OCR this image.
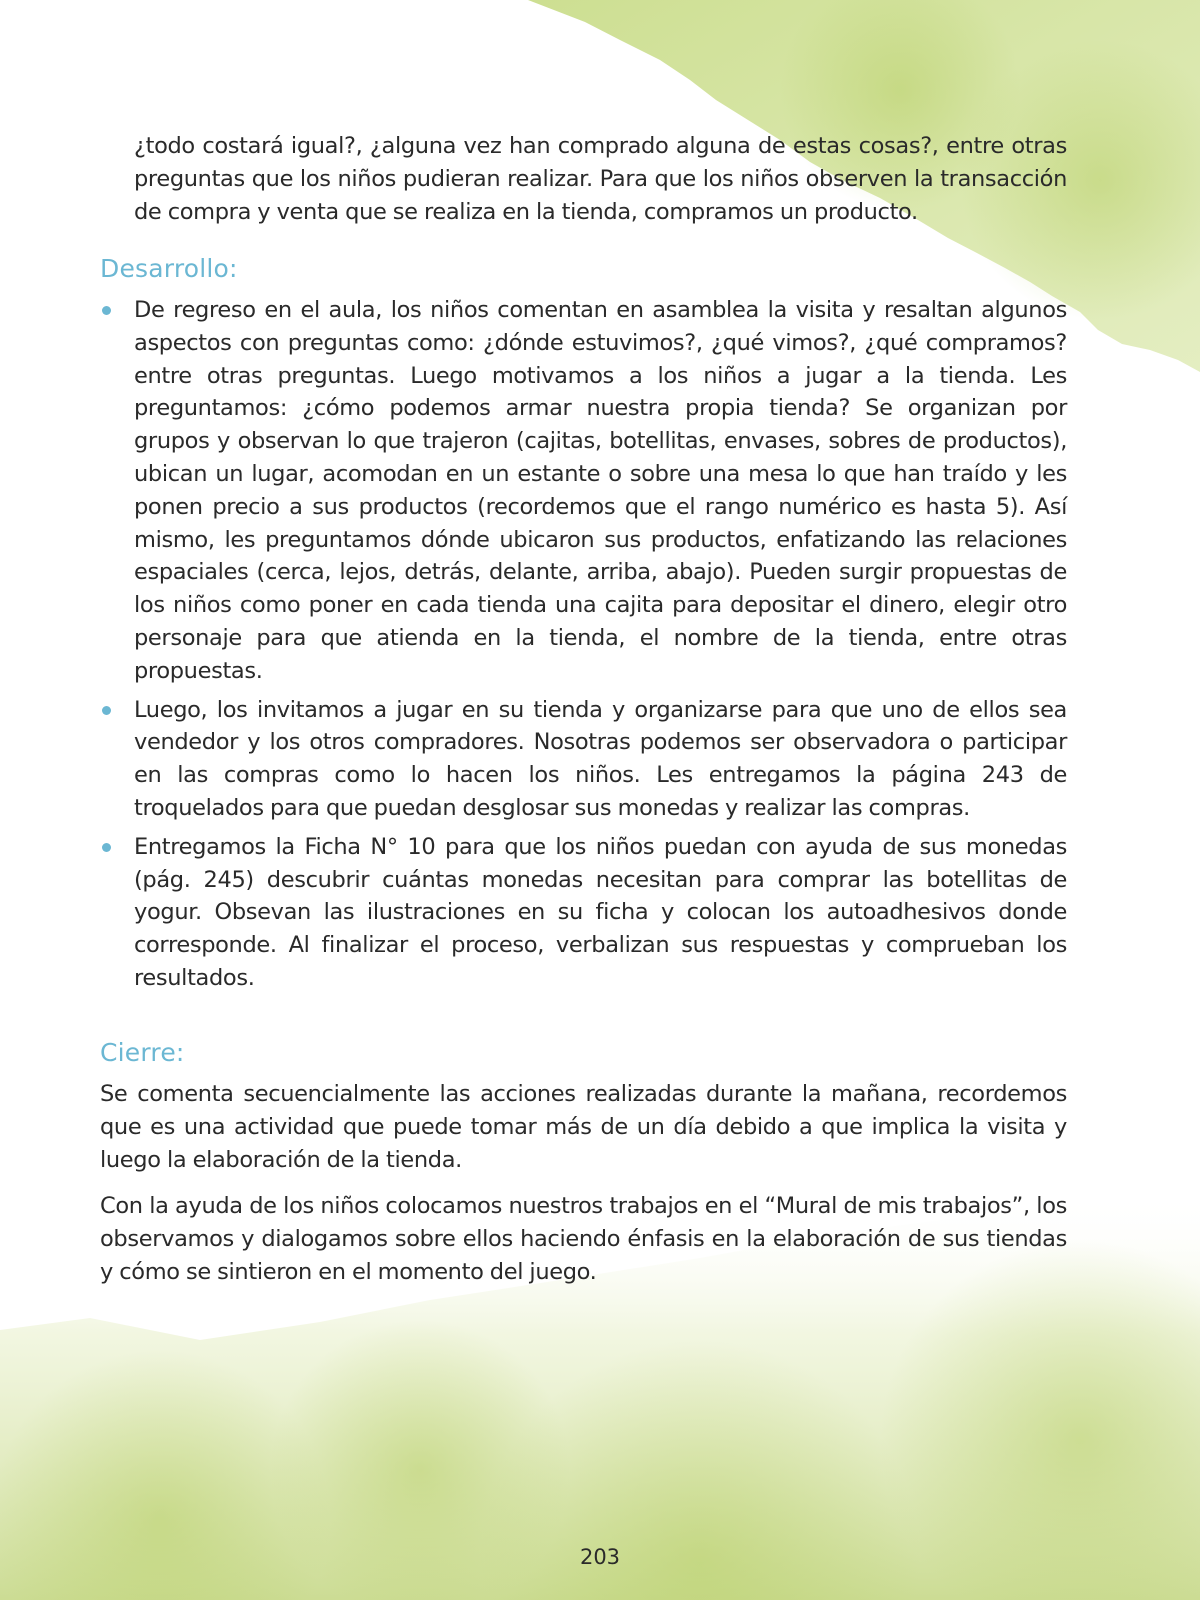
¿todo costará igual?, ¿alguna vez han comprado alguna de estas cosas?, entre otras preguntas que los niños pudieran realizar. Para que los niños observen la transacción de compra y venta que se realiza en la tienda, compramos un producto.

Desarrollo:
De regreso en el aula, los niños comentan en asamblea la visita y resaltan algunos aspectos con preguntas como: ¿dónde estuvimos?, ¿qué vimos?, ¿qué compramos? entre otras preguntas. Luego motivamos a los niños a jugar a la tienda. Les preguntamos: ¿cómo podemos armar nuestra propia tienda? Se organizan por grupos y observan lo que trajeron (cajitas, botellitas, envases, sobres de productos), ubican un lugar, acomodan en un estante o sobre una mesa lo que han traído y les ponen precio a sus productos (recordemos que el rango numérico es hasta 5). Así mismo, les preguntamos dónde ubicaron sus productos, enfatizando las relaciones espaciales (cerca, lejos, detrás, delante, arriba, abajo). Pueden surgir propuestas de los niños como poner en cada tienda una cajita para depositar el dinero, elegir otro personaje para que atienda en la tienda, el nombre de la tienda, entre otras propuestas.
Luego, los invitamos a jugar en su tienda y organizarse para que uno de ellos sea vendedor y los otros compradores. Nosotras podemos ser observadora o participar en las compras como lo hacen los niños. Les entregamos la página 243 de troquelados para que puedan desglosar sus monedas y realizar las compras.
Entregamos la Ficha N° 10 para que los niños puedan con ayuda de sus monedas (pág. 245) descubrir cuántas monedas necesitan para comprar las botellitas de yogur. Obsevan las ilustraciones en su ficha y colocan los autoadhesivos donde corresponde. Al finalizar el proceso, verbalizan sus respuestas y comprueban los resultados.
Cierre:

Se comenta secuencialmente las acciones realizadas durante la mañana, recordemos que es una actividad que puede tomar más de un día debido a que implica la visita y luego la elaboración de la tienda.

Con la ayuda de los niños colocamos nuestros trabajos en el “Mural de mis trabajos”, los observamos y dialogamos sobre ellos haciendo énfasis en la elaboración de sus tiendas y cómo se sintieron en el momento del juego.

203
